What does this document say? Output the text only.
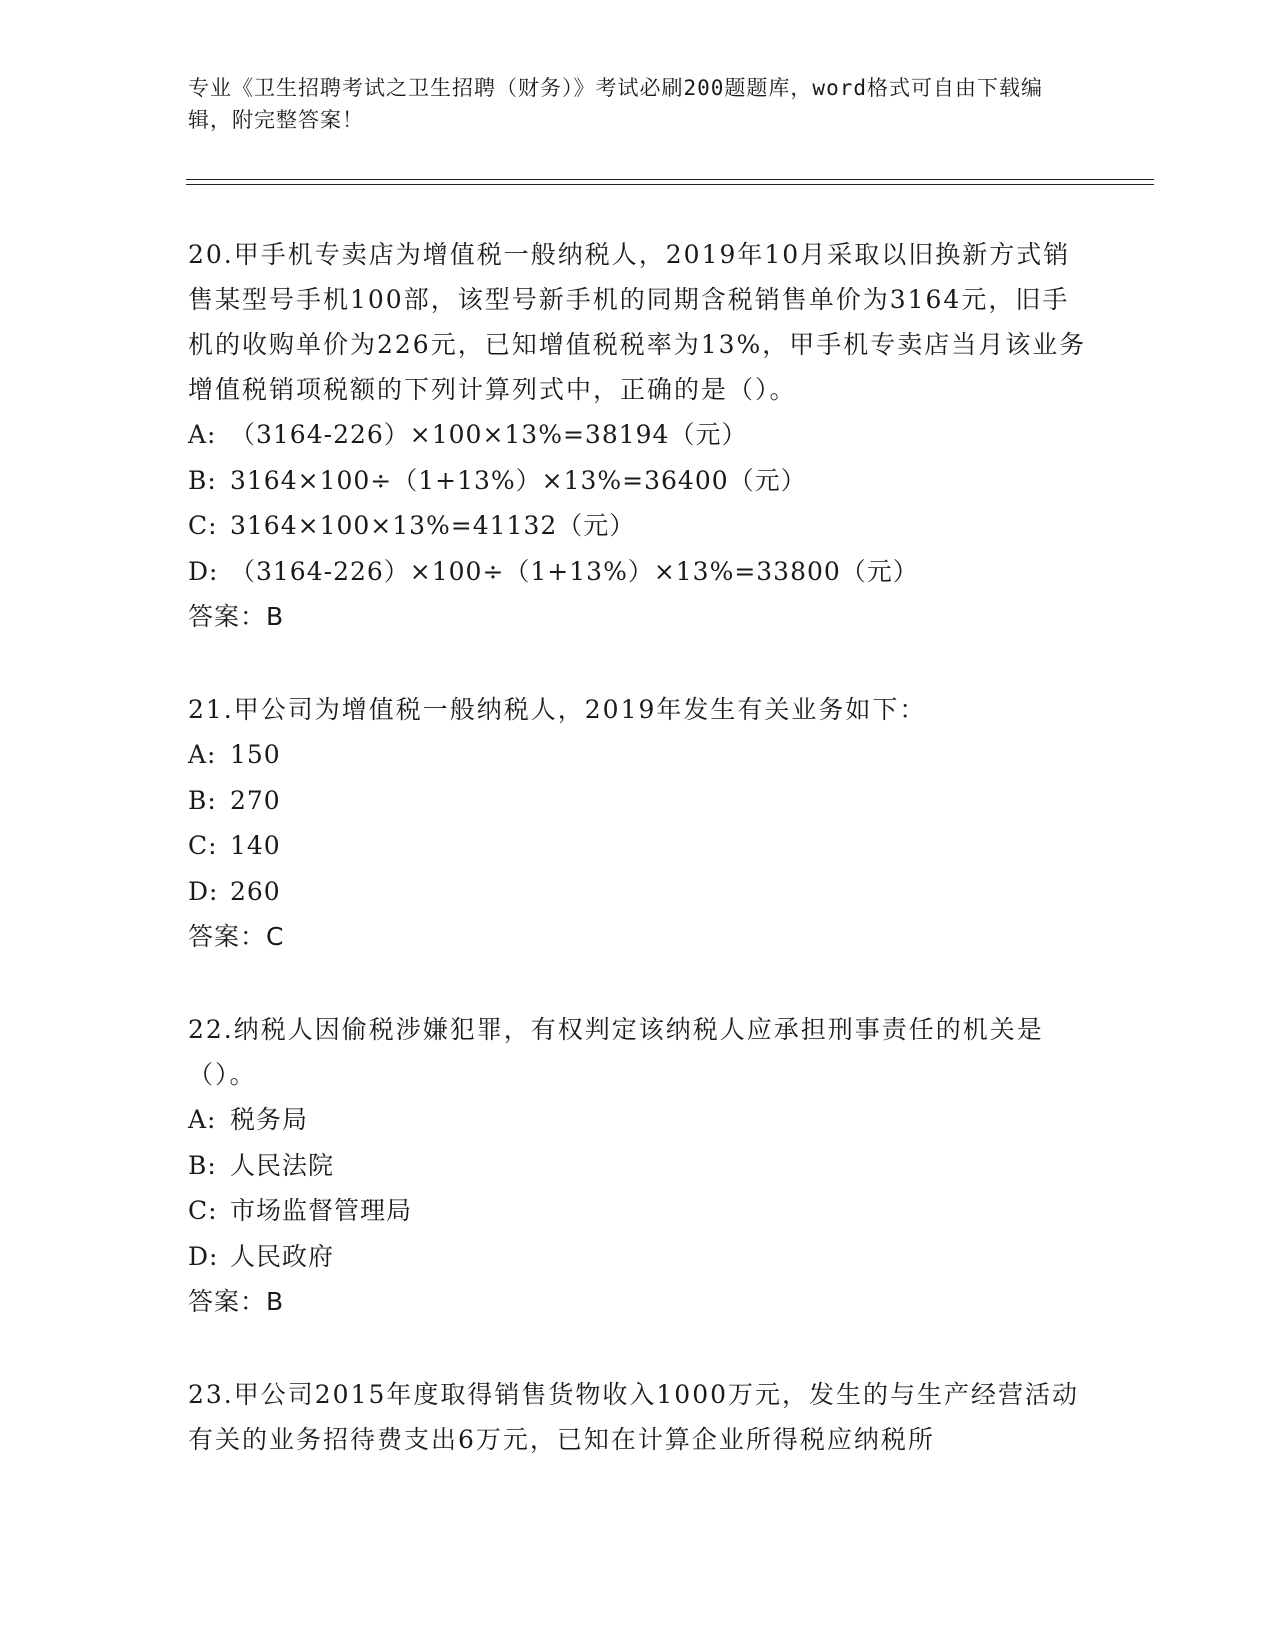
专业《卫生招聘考试之卫生招聘（财务）》考试必刷200题题库，word格式可自由下载编辑，附完整答案！

20.甲手机专卖店为增值税一般纳税人，2019年10月采取以旧换新方式销售某型号手机100部，该型号新手机的同期含税销售单价为3164元，旧手机的收购单价为226元，已知增值税税率为13%，甲手机专卖店当月该业务增值税销项税额的下列计算列式中，正确的是（）。

A: （3164-226）×100×13%=38194（元）

B: 3164×100÷（1+13%）×13%=36400（元）

C: 3164×100×13%=41132（元）

D: （3164-226）×100÷（1+13%）×13%=33800（元）

答案：B

21.甲公司为增值税一般纳税人，2019年发生有关业务如下：

A: 150

B: 270

C: 140

D: 260

答案：C

22.纳税人因偷税涉嫌犯罪，有权判定该纳税人应承担刑事责任的机关是（）。

A: 税务局

B: 人民法院

C: 市场监督管理局

D: 人民政府

答案：B

23.甲公司2015年度取得销售货物收入1000万元，发生的与生产经营活动有关的业务招待费支出6万元，已知在计算企业所得税应纳税所
